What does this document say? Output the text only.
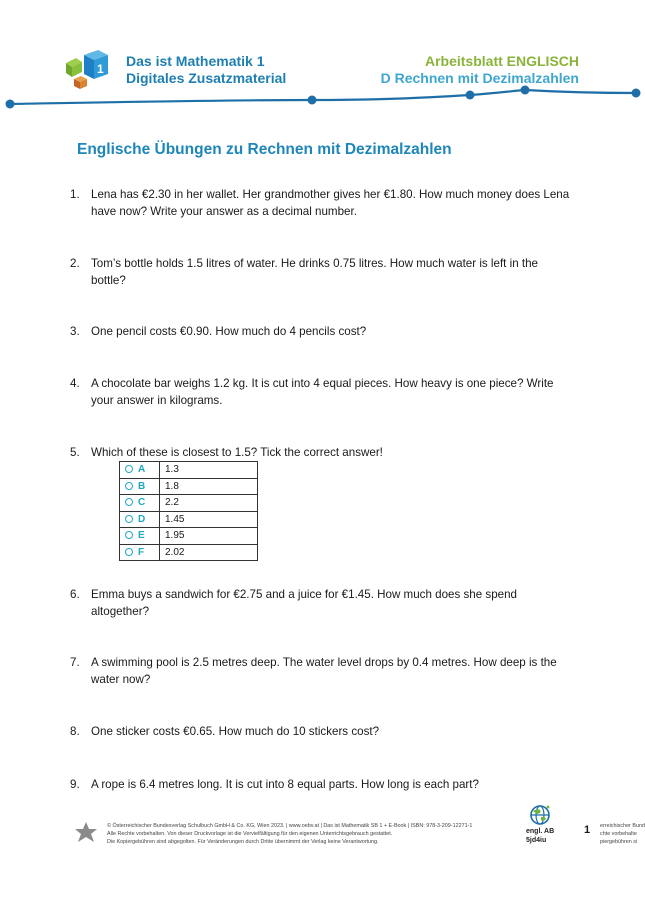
1 Das ist Mathematik 1
Digitales Zusatzmaterial
Arbeitsblatt ENGLISCH
D Rechnen mit Dezimalzahlen
Englische Übungen zu Rechnen mit Dezimalzahlen
1. Lena has €2.30 in her wallet. Her grandmother gives her €1.80. How much money does Lena have now? Write your answer as a decimal number.
2. Tom’s bottle holds 1.5 litres of water. He drinks 0.75 litres. How much water is left in the bottle?
3. One pencil costs €0.90. How much do 4 pencils cost?
4. A chocolate bar weighs 1.2 kg. It is cut into 4 equal pieces. How heavy is one piece? Write your answer in kilograms.
5. Which of these is closest to 1.5? Tick the correct answer!
A	1.3
B	1.8
C	2.2
D	1.45
E	1.95
F	2.02
6. Emma buys a sandwich for €2.75 and a juice for €1.45. How much does she spend altogether?
7. A swimming pool is 2.5 metres deep. The water level drops by 0.4 metres. How deep is the water now?
8. One sticker costs €0.65. How much do 10 stickers cost?
9. A rope is 6.4 metres long. It is cut into 8 equal parts. How long is each part?
© Österreichischer Bundesverlag Schulbuch GmbH & Co. KG, Wien 2023. | www.oebv.at | Das ist Mathematik SB 1 + E-Book | ISBN: 978-3-209-12271-1
Alle Rechte vorbehalten. Von dieser Druckvorlage ist die Vervielfältigung für den eigenen Unterrichtsgebrauch gestattet.
Die Kopiergebühren sind abgegolten. Für Veränderungen durch Dritte übernimmt der Verlag keine Verantwortung.
engl. AB
5jd4iu
1 erreichischer Bund
chte vorbehalte
piergebühren si
